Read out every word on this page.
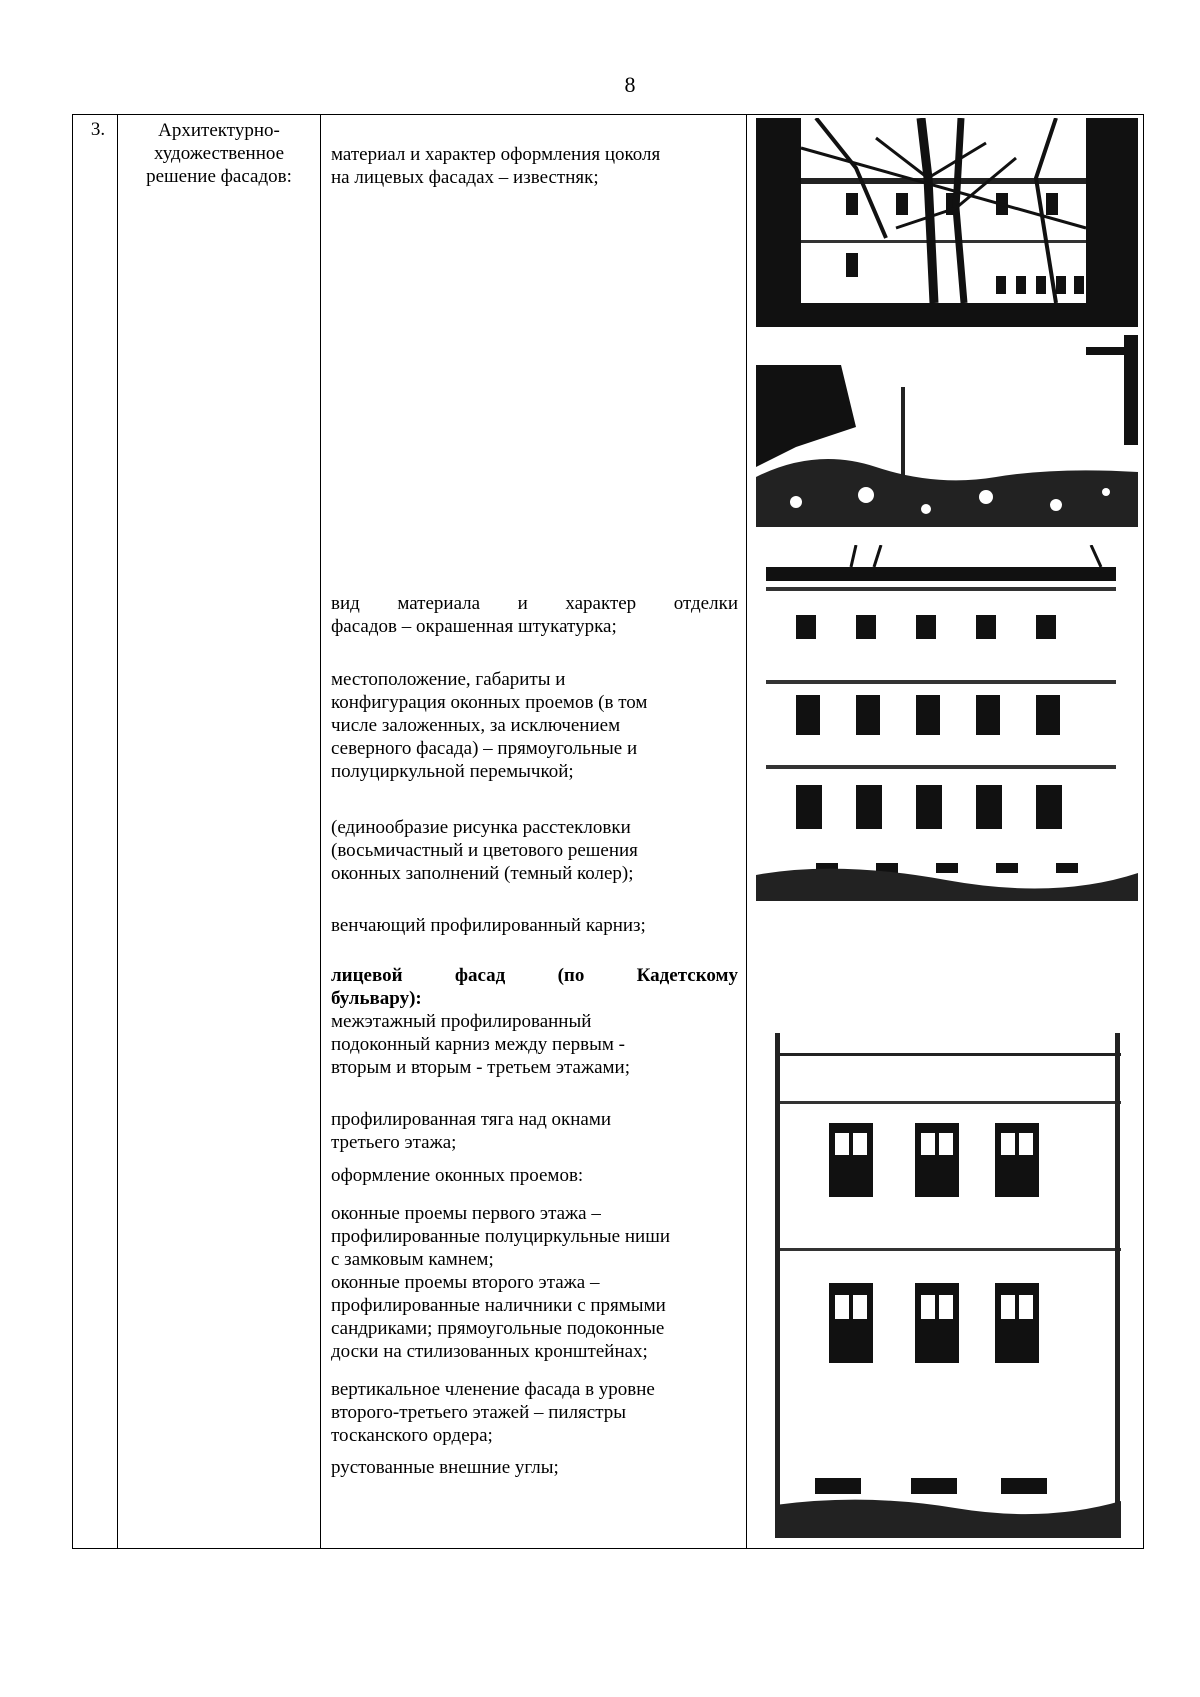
8
3.	Архитектурно-
художественное
решение фасадов:
материал и характер оформления цоколя
на лицевых фасадах – известняк;
вид материала и характер отделки
фасадов – окрашенная штукатурка;
местоположение, габариты и
конфигурация оконных проемов (в том
числе заложенных, за исключением
северного фасада) – прямоугольные и
полуциркульной перемычкой;
(единообразие рисунка расстекловки
(восьмичастный и цветового решения
оконных заполнений (темный колер);
венчающий профилированный карниз;
лицевой фасад (по Кадетскому
бульвару):
межэтажный профилированный
подоконный карниз между первым -
вторым и вторым - третьем этажами;
профилированная тяга над окнами
третьего этажа;
оформление оконных проемов:
оконные проемы первого этажа –
профилированные полуциркульные ниши
с замковым камнем;
оконные проемы второго этажа –
профилированные наличники с прямыми
сандриками; прямоугольные подоконные
доски на стилизованных кронштейнах;
вертикальное членение фасада в уровне
второго-третьего этажей – пилястры
тосканского ордера;
рустованные внешние углы;
